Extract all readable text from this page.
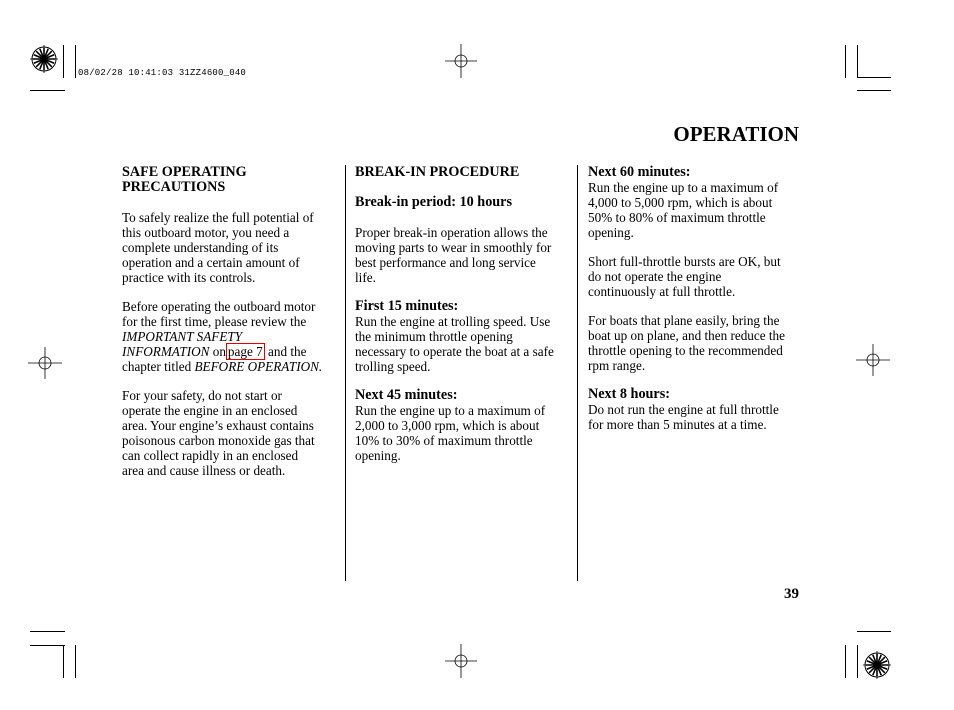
08/02/28 10:41:03 31ZZ4600_040
OPERATION
SAFE OPERATING
PRECAUTIONS

To safely realize the full potential of
this outboard motor, you need a
complete understanding of its
operation and a certain amount of
practice with its controls.

Before operating the outboard motor
for the first time, please review the
IMPORTANT SAFETY
INFORMATION on page 7 and the
chapter titled BEFORE OPERATION.

For your safety, do not start or
operate the engine in an enclosed
area. Your engine’s exhaust contains
poisonous carbon monoxide gas that
can collect rapidly in an enclosed
area and cause illness or death.

BREAK-IN PROCEDURE
Break-in period: 10 hours

Proper break-in operation allows the
moving parts to wear in smoothly for
best performance and long service
life.

First 15 minutes:

Run the engine at trolling speed. Use
the minimum throttle opening
necessary to operate the boat at a safe
trolling speed.

Next 45 minutes:

Run the engine up to a maximum of
2,000 to 3,000 rpm, which is about
10% to 30% of maximum throttle
opening.

Next 60 minutes:

Run the engine up to a maximum of
4,000 to 5,000 rpm, which is about
50% to 80% of maximum throttle
opening.

Short full-throttle bursts are OK, but
do not operate the engine
continuously at full throttle.

For boats that plane easily, bring the
boat up on plane, and then reduce the
throttle opening to the recommended
rpm range.

Next 8 hours:

Do not run the engine at full throttle
for more than 5 minutes at a time.

39
